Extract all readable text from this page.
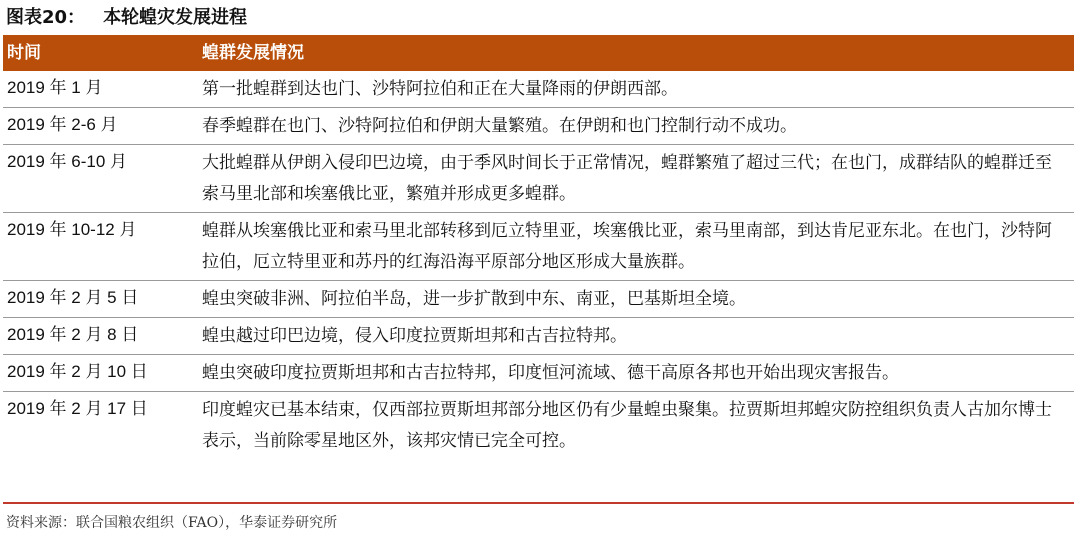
图表20： 本轮蝗灾发展进程
时间	蝗群发展情况
2019 年 1 月	第一批蝗群到达也门、沙特阿拉伯和正在大量降雨的伊朗西部。
2019 年 2-6 月	春季蝗群在也门、沙特阿拉伯和伊朗大量繁殖。在伊朗和也门控制行动不成功。
2019 年 6-10 月	大批蝗群从伊朗入侵印巴边境，由于季风时间长于正常情况，蝗群繁殖了超过三代；在也门，成群结队的蝗群迁至索马里北部和埃塞俄比亚，繁殖并形成更多蝗群。
2019 年 10-12 月	蝗群从埃塞俄比亚和索马里北部转移到厄立特里亚，埃塞俄比亚，索马里南部，到达肯尼亚东北。在也门，沙特阿拉伯，厄立特里亚和苏丹的红海沿海平原部分地区形成大量族群。
2019 年 2 月 5 日	蝗虫突破非洲、阿拉伯半岛，进一步扩散到中东、南亚，巴基斯坦全境。
2019 年 2 月 8 日	蝗虫越过印巴边境，侵入印度拉贾斯坦邦和古吉拉特邦。
2019 年 2 月 10 日	蝗虫突破印度拉贾斯坦邦和古吉拉特邦，印度恒河流域、德干高原各邦也开始出现灾害报告。
2019 年 2 月 17 日	印度蝗灾已基本结束，仅西部拉贾斯坦邦部分地区仍有少量蝗虫聚集。拉贾斯坦邦蝗灾防控组织负责人古加尔博士表示，当前除零星地区外，该邦灾情已完全可控。
资料来源：联合国粮农组织（FAO），华泰证券研究所
